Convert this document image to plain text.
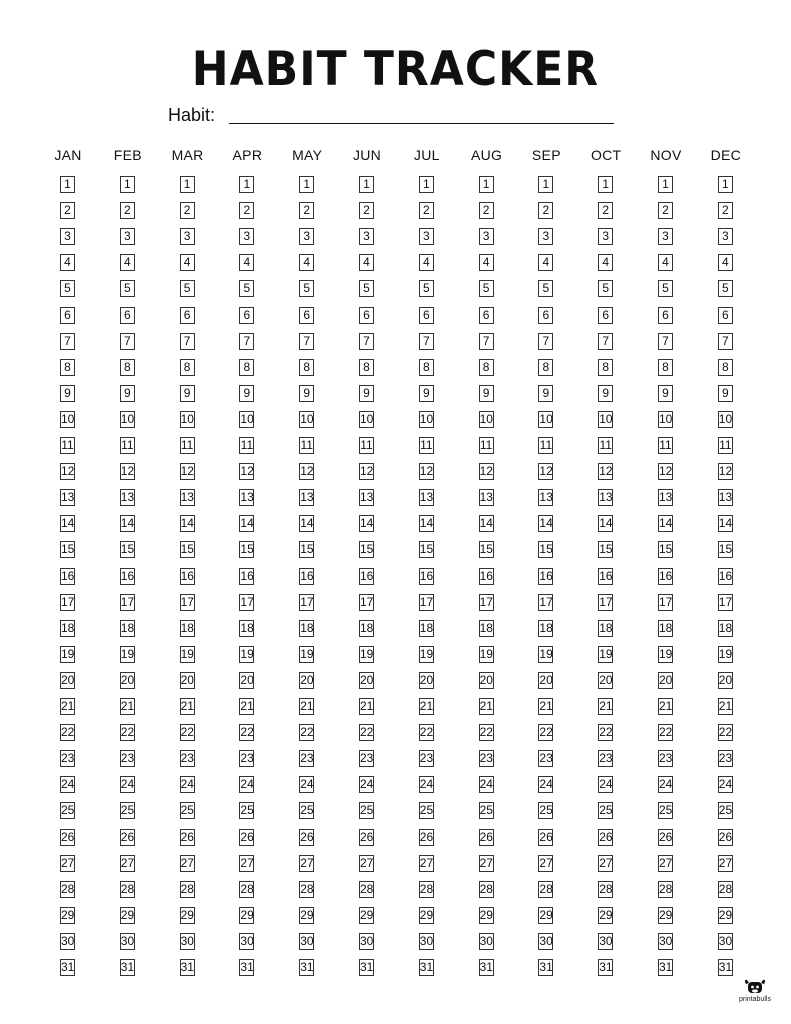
HABIT TRACKER
Habit:
JAN
1
2
3
4
5
6
7
8
9
10
11
12
13
14
15
16
17
18
19
20
21
22
23
24
25
26
27
28
29
30
31
FEB
1
2
3
4
5
6
7
8
9
10
11
12
13
14
15
16
17
18
19
20
21
22
23
24
25
26
27
28
29
30
31
MAR
1
2
3
4
5
6
7
8
9
10
11
12
13
14
15
16
17
18
19
20
21
22
23
24
25
26
27
28
29
30
31
APR
1
2
3
4
5
6
7
8
9
10
11
12
13
14
15
16
17
18
19
20
21
22
23
24
25
26
27
28
29
30
31
MAY
1
2
3
4
5
6
7
8
9
10
11
12
13
14
15
16
17
18
19
20
21
22
23
24
25
26
27
28
29
30
31
JUN
1
2
3
4
5
6
7
8
9
10
11
12
13
14
15
16
17
18
19
20
21
22
23
24
25
26
27
28
29
30
31
JUL
1
2
3
4
5
6
7
8
9
10
11
12
13
14
15
16
17
18
19
20
21
22
23
24
25
26
27
28
29
30
31
AUG
1
2
3
4
5
6
7
8
9
10
11
12
13
14
15
16
17
18
19
20
21
22
23
24
25
26
27
28
29
30
31
SEP
1
2
3
4
5
6
7
8
9
10
11
12
13
14
15
16
17
18
19
20
21
22
23
24
25
26
27
28
29
30
31
OCT
1
2
3
4
5
6
7
8
9
10
11
12
13
14
15
16
17
18
19
20
21
22
23
24
25
26
27
28
29
30
31
NOV
1
2
3
4
5
6
7
8
9
10
11
12
13
14
15
16
17
18
19
20
21
22
23
24
25
26
27
28
29
30
31
DEC
1
2
3
4
5
6
7
8
9
10
11
12
13
14
15
16
17
18
19
20
21
22
23
24
25
26
27
28
29
30
31
printabulls
